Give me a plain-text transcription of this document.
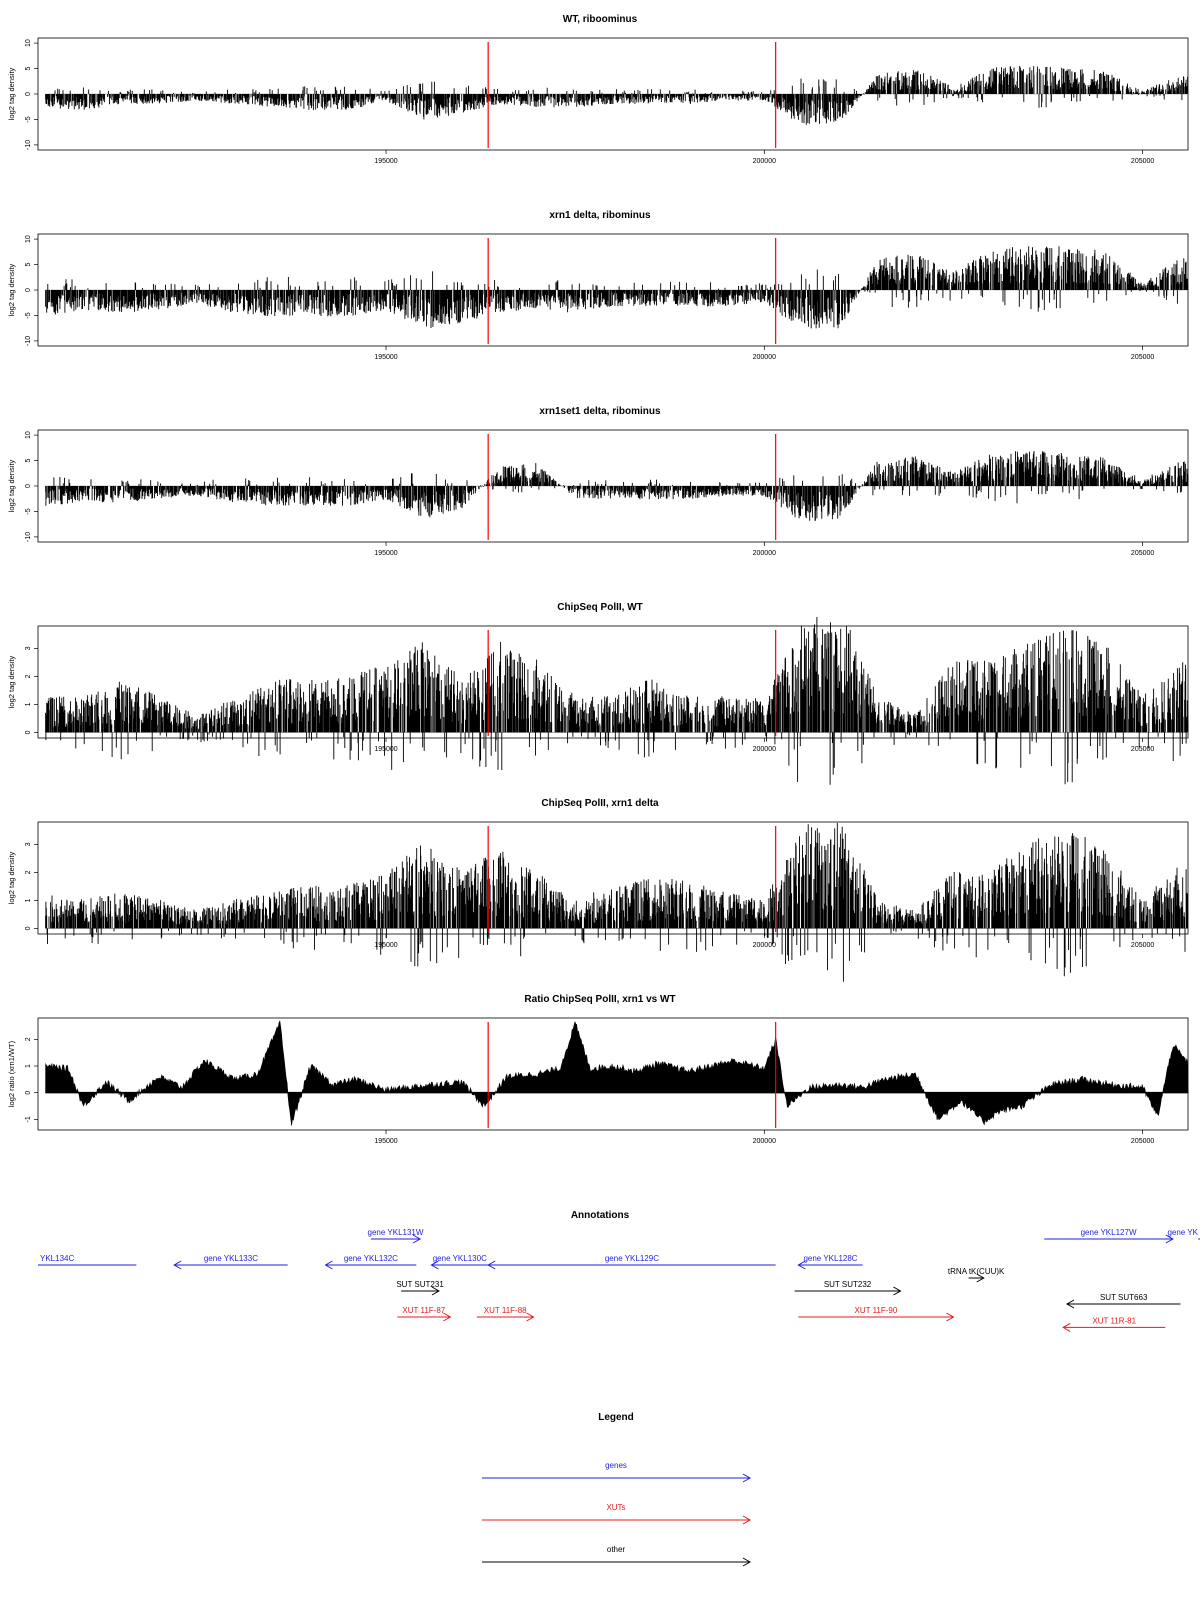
WT, riboominus
10
5
0
-5
-10
log2 tag density
195000	200000	205000
xrn1 delta, ribominus
10
5
0
-5
-10
log2 tag density
195000	200000	205000
xrn1set1 delta, ribominus
10
5
0
-5
-10
log2 tag density
195000	200000	205000
ChipSeq PolII, WT
0
1
2
3
log2 tag density
195000	200000	205000
ChipSeq PolII, xrn1 delta
0
1
2
3
log2 tag density
195000	200000	205000
Ratio ChipSeq PolII, xrn1 vs WT
-1
0
1
2
log2 ratio (xrn1/WT)
195000	200000	205000
Annotations
YKL134C	gene YKL133C	gene YKL132C
gene YKL131W
gene YKL130C	gene YKL129C	gene YKL128C
gene YKL127W	gene YK
tRNA tK(CUU)K
SUT SUT231	SUT SUT232
SUT SUT663
XUT 11F-87	XUT 11F-88	XUT 11F-90
XUT 11R-81
Legend
genes
XUTs
other
